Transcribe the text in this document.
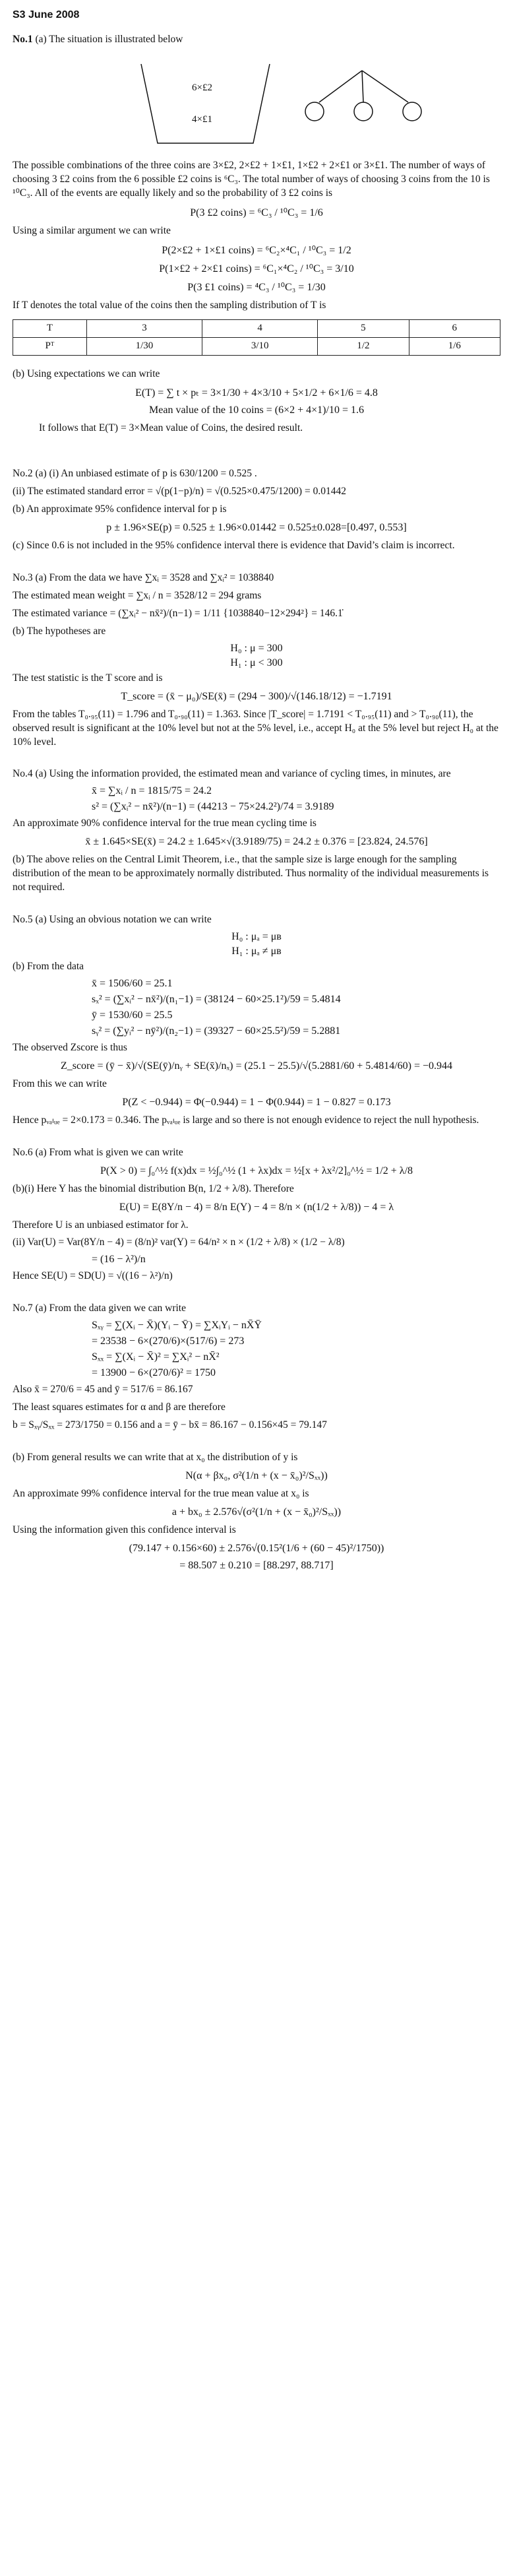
S3 June 2008

No.1 (a) The situation is illustrated below

6×£2
4×£1

The possible combinations of the three coins are 3×£2, 2×£2 + 1×£1, 1×£2 + 2×£1 or 3×£1. The number of ways of choosing 3 £2 coins from the 6 possible £2 coins is ⁶C₃. The total number of ways of choosing 3 coins from the 10 is ¹⁰C₃. All of the events are equally likely and so the probability of 3 £2 coins is

P(3 £2 coins) = ⁶C₃ / ¹⁰C₃ = 1/6

Using a similar argument we can write

P(2×£2 + 1×£1 coins) = ⁶C₂×⁴C₁ / ¹⁰C₃ = 1/2
P(1×£2 + 2×£1 coins) = ⁶C₁×⁴C₂ / ¹⁰C₃ = 3/10
P(3 £1 coins) = ⁴C₃ / ¹⁰C₃ = 1/30

If T denotes the total value of the coins then the sampling distribution of T is

T	3	4	5	6
Pᵀ	1/30	3/10	1/2	1/6

(b) Using expectations we can write

E(T) = ∑ t × pₜ = 3×1/30 + 4×3/10 + 5×1/2 + 6×1/6 = 4.8
Mean value of the 10 coins = (6×2 + 4×1)/10 = 1.6

It follows that E(T) = 3×Mean value of Coins, the desired result.

No.2 (a) (i) An unbiased estimate of p is 630/1200 = 0.525 .

(ii) The estimated standard error = √(p(1−p)/n) = √(0.525×0.475/1200) = 0.01442

(b) An approximate 95% confidence interval for p is

p ± 1.96×SE(p) = 0.525 ± 1.96×0.01442 = 0.525±0.028=[0.497, 0.553]

(c) Since 0.6 is not included in the 95% confidence interval there is evidence that David’s claim is incorrect.

No.3 (a) From the data we have ∑xᵢ = 3528 and ∑xᵢ² = 1038840

The estimated mean weight = ∑xᵢ / n = 3528/12 = 294 grams

The estimated variance = (∑xᵢ² − nx̄²)/(n−1) = 1/11 {1038840−12×294²} = 146.1̇̇

(b) The hypotheses are

H₀ : μ = 300
H₁ : μ < 300

The test statistic is the T score and is

T_score = (x̄ − μ₀)/SE(x̄) = (294 − 300)/√(146.18/12) = −1.7191

From the tables T₀.₉₅(11) = 1.796 and T₀.₉₀(11) = 1.363. Since |T_score| = 1.7191 < T₀.₉₅(11) and > T₀.₉₀(11), the observed result is significant at the 10% level but not at the 5% level, i.e., accept H₀ at the 5% level but reject H₀ at the 10% level.

No.4 (a) Using the information provided, the estimated mean and variance of cycling times, in minutes, are

x̄ = ∑xᵢ / n = 1815/75 = 24.2
s² = (∑xᵢ² − nx̄²)/(n−1) = (44213 − 75×24.2²)/74 = 3.9189

An approximate 90% confidence interval for the true mean cycling time is

x̄ ± 1.645×SE(x̄) = 24.2 ± 1.645×√(3.9189/75) = 24.2 ± 0.376 = [23.824, 24.576]

(b) The above relies on the Central Limit Theorem, i.e., that the sample size is large enough for the sampling distribution of the mean to be approximately normally distributed. Thus normality of the individual measurements is not required.

No.5 (a) Using an obvious notation we can write

H₀ : μₐ = μʙ
H₁ : μₐ ≠ μʙ

(b) From the data

x̄ = 1506/60 = 25.1
sₓ² = (∑xᵢ² − nx̄²)/(n₁−1) = (38124 − 60×25.1²)/59 = 5.4814
ȳ = 1530/60 = 25.5
sᵧ² = (∑yᵢ² − nȳ²)/(n₂−1) = (39327 − 60×25.5²)/59 = 5.2881

The observed Zscore is thus

Z_score = (ȳ − x̄)/√(SE(ȳ)/nᵧ + SE(x̄)/nₓ) = (25.1 − 25.5)/√(5.2881/60 + 5.4814/60) = −0.944

From this we can write

P(Z < −0.944) = Φ(−0.944) = 1 − Φ(0.944) = 1 − 0.827 = 0.173

Hence pᵥₐₗᵤₑ = 2×0.173 = 0.346. The pᵥₐₗᵤₑ is large and so there is not enough evidence to reject the null hypothesis.

No.6 (a) From what is given we can write

P(X > 0) = ∫₀^½ f(x)dx = ½∫₀^½ (1 + λx)dx = ½[x + λx²/2]₀^½ = 1/2 + λ/8

(b)(i) Here Y has the binomial distribution B(n, 1/2 + λ/8). Therefore

E(U) = E(8Y/n − 4) = 8/n E(Y) − 4 = 8/n × (n(1/2 + λ/8)) − 4 = λ

Therefore U is an unbiased estimator for λ.

(ii) Var(U) = Var(8Y/n − 4) = (8/n)² var(Y) = 64/n² × n × (1/2 + λ/8) × (1/2 − λ/8)

= (16 − λ²)/n

Hence SE(U) = SD(U) = √((16 − λ²)/n)

No.7 (a) From the data given we can write

Sₓᵧ = ∑(Xᵢ − X̄)(Yᵢ − Ȳ) = ∑XᵢYᵢ − nX̄Ȳ
= 23538 − 6×(270/6)×(517/6) = 273
Sₓₓ = ∑(Xᵢ − X̄)² = ∑Xᵢ² − nX̄²
= 13900 − 6×(270/6)² = 1750

Also x̄ = 270/6 = 45 and ȳ = 517/6 = 86.167

The least squares estimates for α and β are therefore

b = Sₓᵧ/Sₓₓ = 273/1750 = 0.156 and a = ȳ − bx̄ = 86.167 − 0.156×45 = 79.147

(b) From general results we can write that at x₀ the distribution of y is

N(α + βx₀, σ²(1/n + (x − x̄₀)²/Sₓₓ))

An approximate 99% confidence interval for the true mean value at x₀ is

a + bx₀ ± 2.576√(σ²(1/n + (x − x̄₀)²/Sₓₓ))

Using the information given this confidence interval is

(79.147 + 0.156×60) ± 2.576√(0.15²(1/6 + (60 − 45)²/1750))
= 88.507 ± 0.210 = [88.297, 88.717]
